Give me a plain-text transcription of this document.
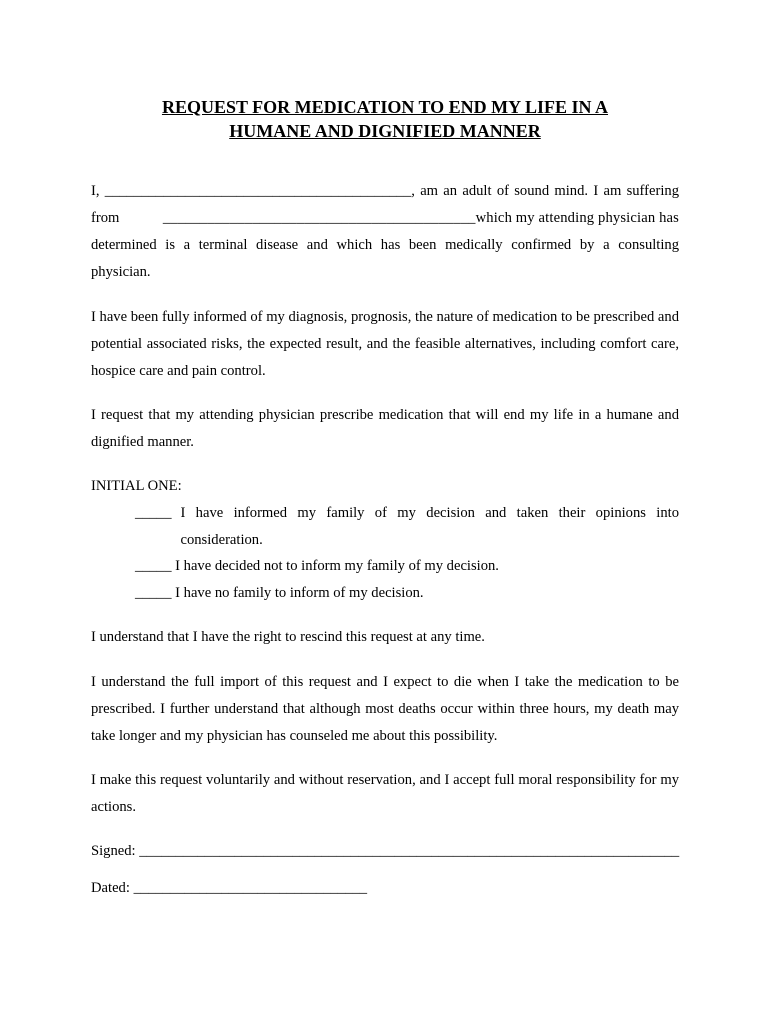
REQUEST FOR MEDICATION TO END MY LIFE IN A
HUMANE AND DIGNIFIED MANNER

I, __________________________________________, am an adult of sound mind. I am suffering

from	__________________________________________which my attending physician has

determined is a terminal disease and which has been medically confirmed by a consulting

physician.

I have been fully informed of my diagnosis, prognosis, the nature of medication to be prescribed and potential associated risks, the expected result, and the feasible alternatives, including comfort care, hospice care and pain control.

I request that my attending physician prescribe medication that will end my life in a humane and dignified manner.

INITIAL ONE:

_____ I have informed my family of my decision and taken their opinions into consideration.
_____ I have decided not to inform my family of my decision.
_____ I have no family to inform of my decision.

I understand that I have the right to rescind this request at any time.

I understand the full import of this request and I expect to die when I take the medication to be prescribed. I further understand that although most deaths occur within three hours, my death may take longer and my physician has counseled me about this possibility.

I make this request voluntarily and without reservation, and I accept full moral responsibility for my actions.

Signed: __________________________________________________________________________

Dated: ________________________________
